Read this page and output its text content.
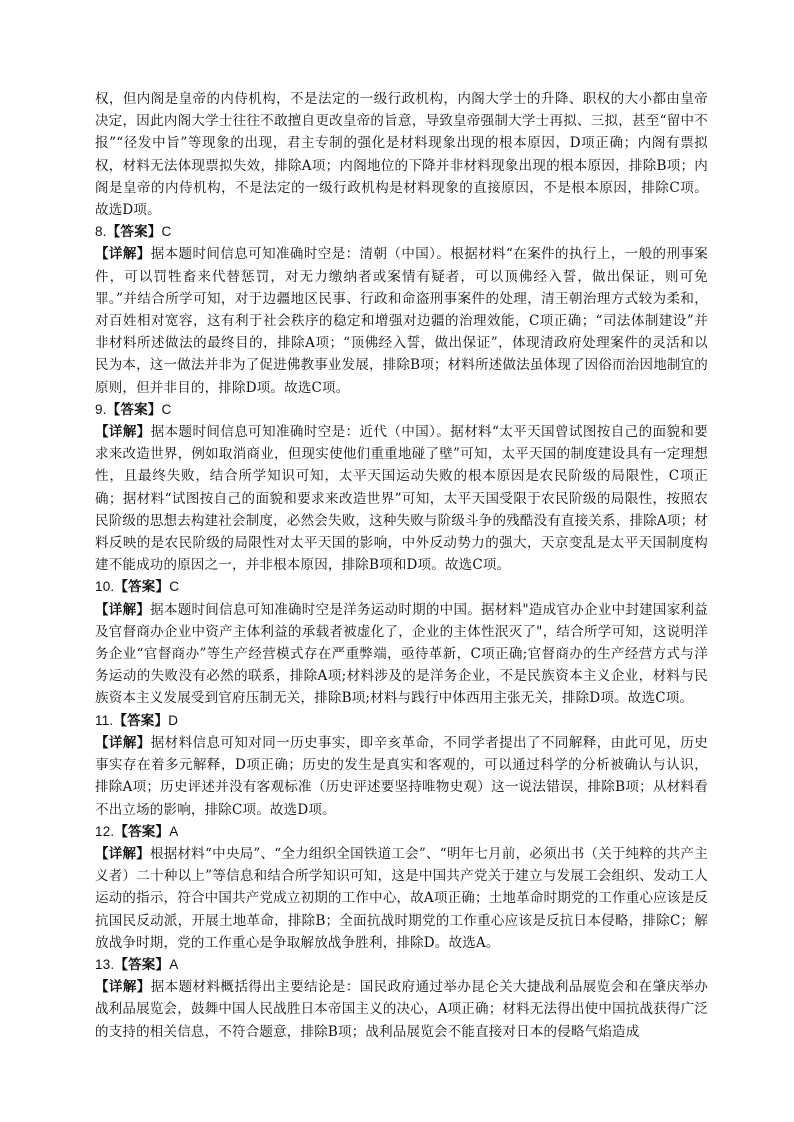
权，但内阁是皇帝的内侍机构，不是法定的一级行政机构，内阁大学士的升降、职权的大小都由皇帝决定，因此内阁大学士往往不敢擅自更改皇帝的旨意，导致皇帝强制大学士再拟、三拟，甚至“留中不报”“径发中旨”等现象的出现，君主专制的强化是材料现象出现的根本原因，D项正确；内阁有票拟权，材料无法体现票拟失效，排除A项；内阁地位的下降并非材料现象出现的根本原因，排除B项；内阁是皇帝的内侍机构，不是法定的一级行政机构是材料现象的直接原因，不是根本原因，排除C项。故选D项。

8.【答案】C

【详解】据本题时间信息可知准确时空是：清朝（中国）。根据材料“在案件的执行上，一般的刑事案件，可以罚牲畜来代替惩罚，对无力缴纳者或案情有疑者，可以顶佛经入誓，做出保证，则可免罪。”并结合所学可知，对于边疆地区民事、行政和命盗刑事案件的处理，清王朝治理方式较为柔和，对百姓相对宽容，这有利于社会秩序的稳定和增强对边疆的治理效能，C项正确；“司法体制建设”并非材料所述做法的最终目的，排除A项；“顶佛经入誓，做出保证”，体现清政府处理案件的灵活和以民为本，这一做法并非为了促进佛教事业发展，排除B项；材料所述做法虽体现了因俗而治因地制宜的原则，但并非目的，排除D项。故选C项。

9.【答案】C

【详解】据本题时间信息可知准确时空是：近代（中国）。据材料“太平天国曾试图按自己的面貌和要求来改造世界，例如取消商业，但现实使他们重重地碰了壁”可知，太平天国的制度建设具有一定理想性，且最终失败，结合所学知识可知，太平天国运动失败的根本原因是农民阶级的局限性，C项正确；据材料“试图按自己的面貌和要求来改造世界”可知，太平天国受限于农民阶级的局限性，按照农民阶级的思想去构建社会制度，必然会失败，这种失败与阶级斗争的残酷没有直接关系，排除A项；材料反映的是农民阶级的局限性对太平天国的影响，中外反动势力的强大，天京变乱是太平天国制度构建不能成功的原因之一，并非根本原因，排除B项和D项。故选C项。

10.【答案】C

【详解】据本题时间信息可知准确时空是洋务运动时期的中国。据材料"造成官办企业中封建国家利益及官督商办企业中资产主体利益的承载者被虚化了，企业的主体性泯灭了"，结合所学可知，这说明洋务企业“官督商办”等生产经营模式存在严重弊端，亟待革新，C项正确;官督商办的生产经营方式与洋务运动的失败没有必然的联系，排除A项;材料涉及的是洋务企业，不是民族资本主义企业，材料与民族资本主义发展受到官府压制无关，排除B项;材料与践行中体西用主张无关，排除D项。故选C项。

11.【答案】D

【详解】据材料信息可知对同一历史事实，即辛亥革命，不同学者提出了不同解释，由此可见，历史事实存在着多元解释，D项正确；历史的发生是真实和客观的，可以通过科学的分析被确认与认识，排除A项；历史评述并没有客观标准（历史评述要坚持唯物史观）这一说法错误，排除B项；从材料看不出立场的影响，排除C项。故选D项。

12.【答案】A

【详解】根据材料“中央局”、“全力组织全国铁道工会”、“明年七月前，必须出书（关于纯粹的共产主义者）二十种以上”等信息和结合所学知识可知，这是中国共产党关于建立与发展工会组织、发动工人运动的指示，符合中国共产党成立初期的工作中心，故A项正确；土地革命时期党的工作重心应该是反抗国民反动派，开展土地革命，排除B；全面抗战时期党的工作重心应该是反抗日本侵略，排除C；解放战争时期，党的工作重心是争取解放战争胜利，排除D。故选A。

13.【答案】A

【详解】据本题材料概括得出主要结论是：国民政府通过举办昆仑关大捷战利品展览会和在肇庆举办战利品展览会，鼓舞中国人民战胜日本帝国主义的决心，A项正确；材料无法得出使中国抗战获得广泛的支持的相关信息，不符合题意，排除B项；战利品展览会不能直接对日本的侵略气焰造成
